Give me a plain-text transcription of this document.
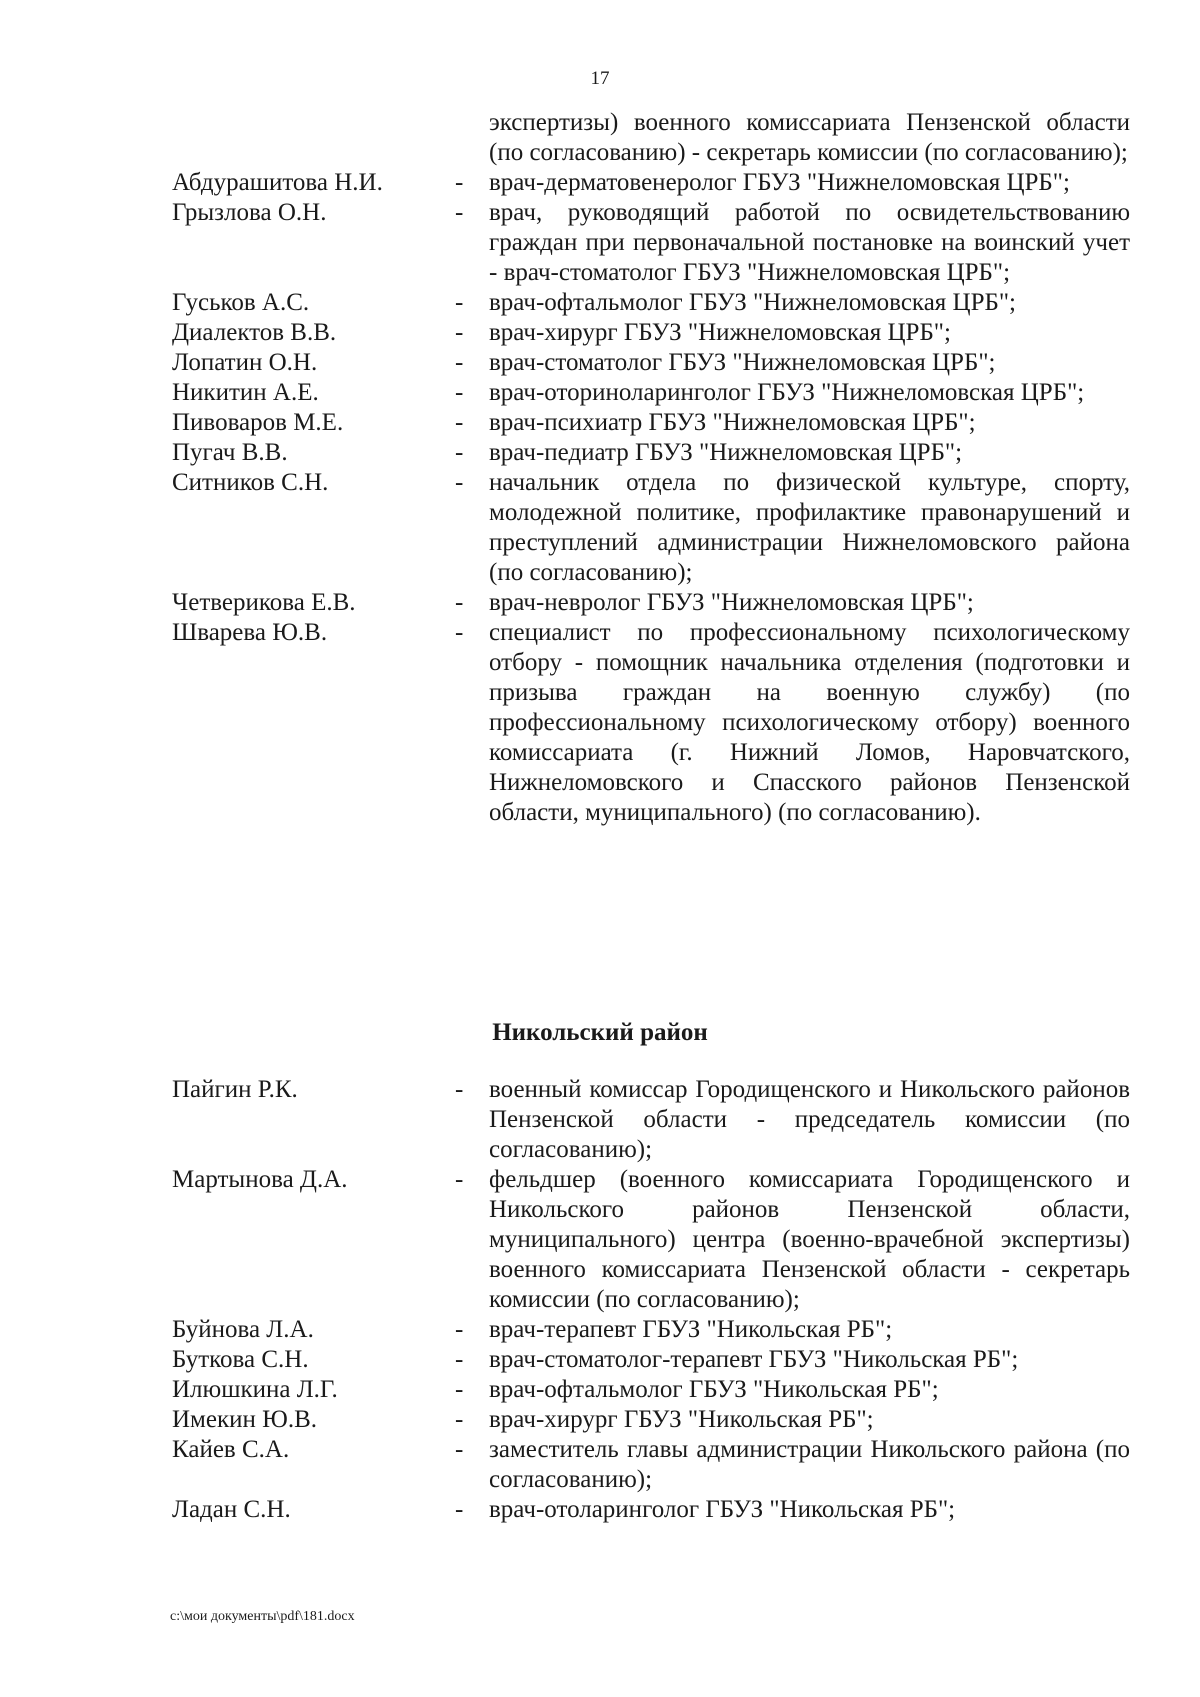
17
экспертизы) военного комиссариата Пензенской области (по согласованию) - секретарь комиссии (по согласованию);
Абдурашитова Н.И.	- врач-дерматовенеролог ГБУЗ "Нижнеломовская ЦРБ";
Грызлова О.Н.	- врач, руководящий работой по освидетельствованию граждан при первоначальной постановке на воинский учет - врач-стоматолог ГБУЗ "Нижнеломовская ЦРБ";
Гуськов А.С.	- врач-офтальмолог ГБУЗ "Нижнеломовская ЦРБ";
Диалектов В.В.	- врач-хирург ГБУЗ "Нижнеломовская ЦРБ";
Лопатин О.Н.	- врач-стоматолог ГБУЗ "Нижнеломовская ЦРБ";
Никитин А.Е.	- врач-оториноларинголог ГБУЗ "Нижнеломовская ЦРБ";
Пивоваров М.Е.	- врач-психиатр ГБУЗ "Нижнеломовская ЦРБ";
Пугач В.В.	- врач-педиатр ГБУЗ "Нижнеломовская ЦРБ";
Ситников С.Н.	- начальник отдела по физической культуре, спорту, молодежной политике, профилактике правонарушений и преступлений администрации Нижнеломовского района (по согласованию);
Четверикова Е.В.	- врач-невролог ГБУЗ "Нижнеломовская ЦРБ";
Шварева Ю.В.	- специалист по профессиональному психологическому отбору - помощник начальника отделения (подготовки и призыва граждан на военную службу) (по профессиональному психологическому отбору) военного комиссариата (г. Нижний Ломов, Наровчатского, Нижнеломовского и Спасского районов Пензенской области, муниципального) (по согласованию).
Никольский район
Пайгин Р.К.	- военный комиссар Городищенского и Никольского районов Пензенской области - председатель комиссии (по согласованию);
Мартынова Д.А.	- фельдшер (военного комиссариата Городищенского и Никольского районов Пензенской области, муниципального) центра (военно-врачебной экспертизы) военного комиссариата Пензенской области - секретарь комиссии (по согласованию);
Буйнова Л.А.	- врач-терапевт ГБУЗ "Никольская РБ";
Буткова С.Н.	- врач-стоматолог-терапевт ГБУЗ "Никольская РБ";
Илюшкина Л.Г.	- врач-офтальмолог ГБУЗ "Никольская РБ";
Имекин Ю.В.	- врач-хирург ГБУЗ "Никольская РБ";
Кайев С.А.	- заместитель главы администрации Никольского района (по согласованию);
Ладан С.Н.	- врач-отоларинголог ГБУЗ "Никольская РБ";
c:\мои документы\pdf\181.docx
